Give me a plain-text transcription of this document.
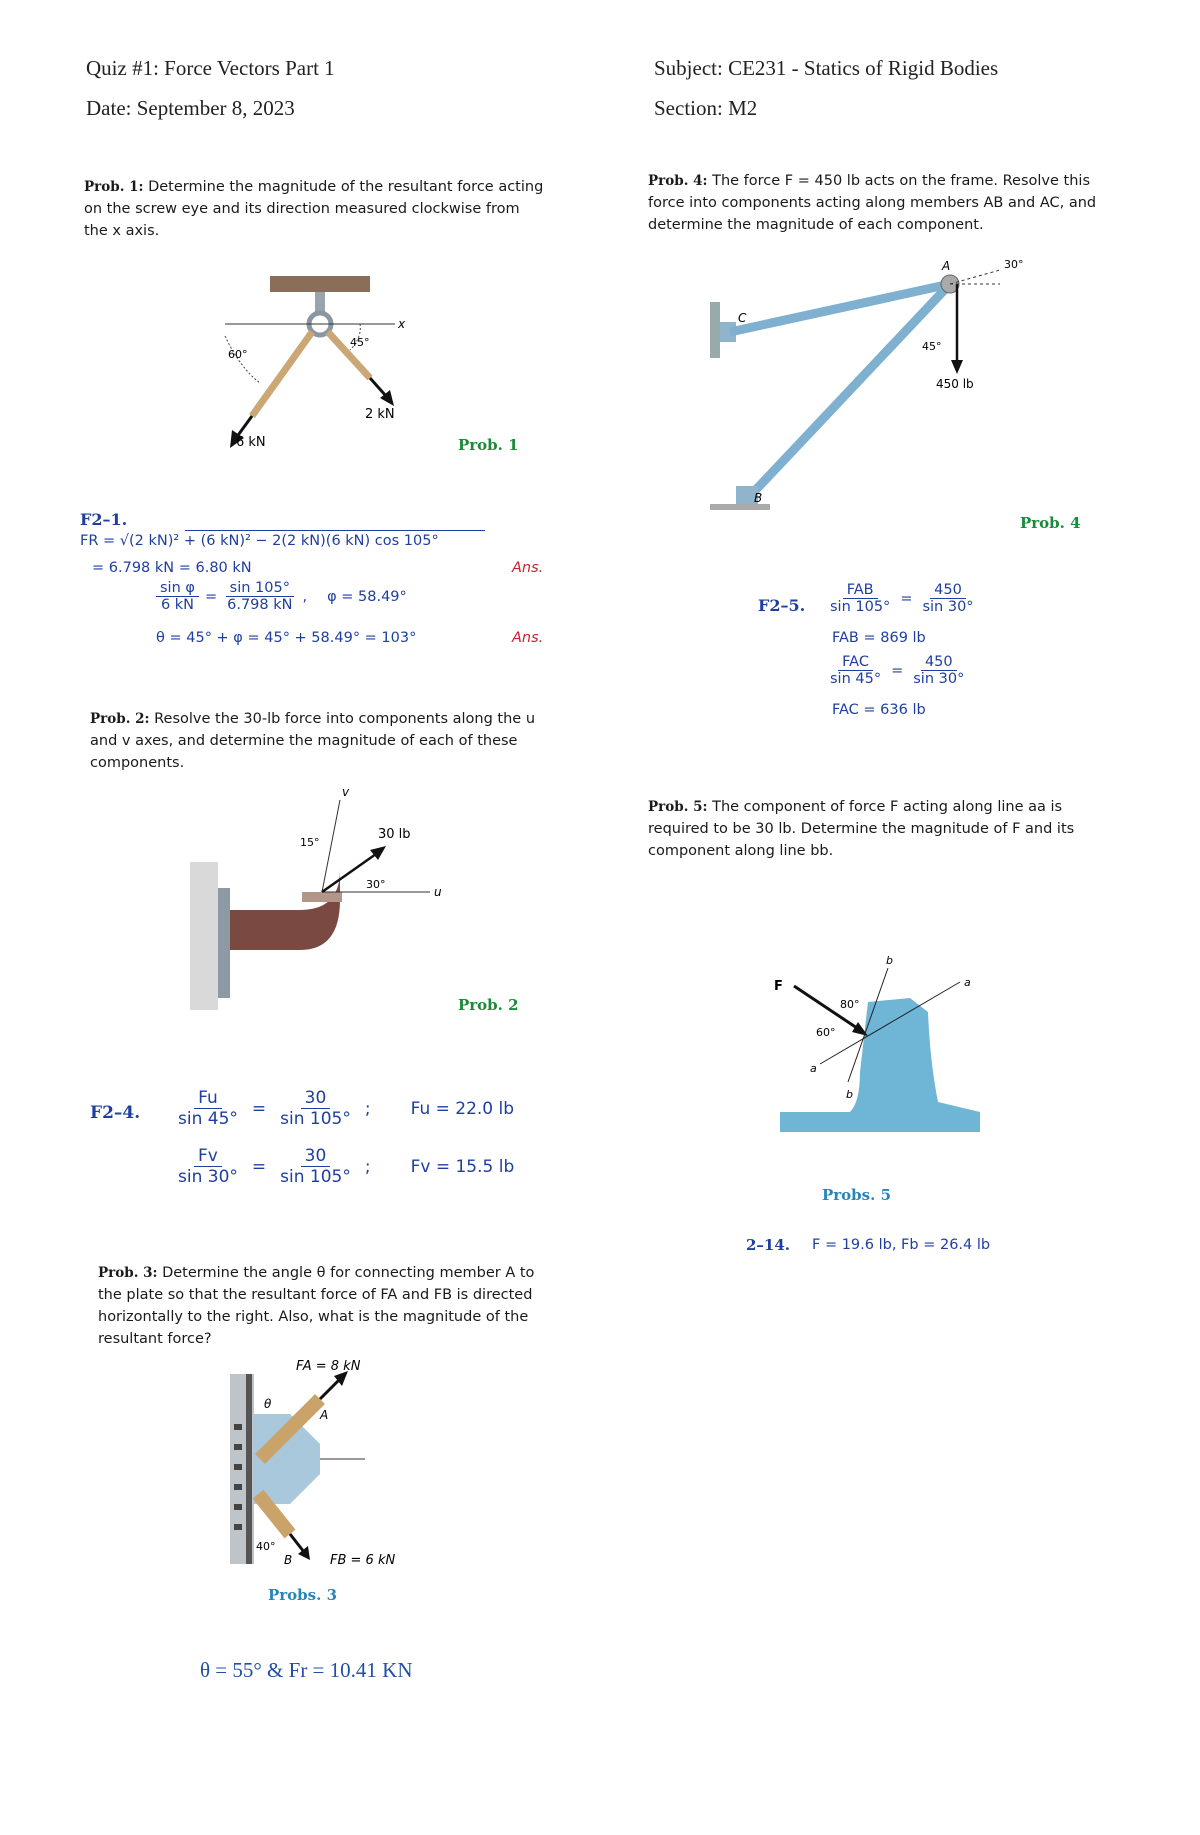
Quiz #1: Force Vectors Part 1
Date: September 8, 2023
Subject: CE231 - Statics of Rigid Bodies
Section: M2
Prob. 1: Determine the magnitude of the resultant force acting on the screw eye and its direction measured clockwise from the x axis.
x
60°
45°
2 kN
6 kN	Prob. 1
F2–1.
FR = √(2 kN)² + (6 kN)² − 2(2 kN)(6 kN) cos 105°
= 6.798 kN = 6.80 kN	Ans.
$\frac{\text{sin φ}}{6 kN} = \frac{\sin 105^\circ}{6.798 kN}$ , φ = 58.49°
θ = 45° + φ = 45° + 58.49° = 103°	Ans.
Prob. 2: Resolve the 30-lb force into components along the u and v axes, and determine the magnitude of each of these components.
v
u
30 lb
15°
30°
Prob. 2
F2–4. $\frac{Fu}{\sin 45^\circ} = \frac{30}{\sin 105^\circ}$ ; Fu = 22.0 lb
$\frac{Fv}{\sin 30^\circ} = \frac{30}{\sin 105^\circ}$ ; Fv = 15.5 lb
Prob. 3: Determine the angle θ for connecting member A to the plate so that the resultant force of FA and FB is directed horizontally to the right. Also, what is the magnitude of the resultant force?
FA = 8 kN
A
θ
40°
B	FB = 6 kN
Probs. 3
θ = 55° & Fr = 10.41 KN
Prob. 4: The force F = 450 lb acts on the frame. Resolve this force into components acting along members AB and AC, and determine the magnitude of each component.
A
C
B
30°
45°
450 lb
Prob. 4
F2–5. $\frac{\text{FAB}}{\sin 105^\circ} = \frac{450}{\sin 30^\circ}$
FAB = 869 lb
$\frac{\text{FAC}}{\sin 45^\circ} = \frac{450}{\sin 30^\circ}$
FAC = 636 lb
Prob. 5: The component of force F acting along line aa is required to be 30 lb. Determine the magnitude of F and its component along line bb.
F
b
b
a
a
80°
60°
Probs. 5
2–14. F = 19.6 lb, Fb = 26.4 lb
